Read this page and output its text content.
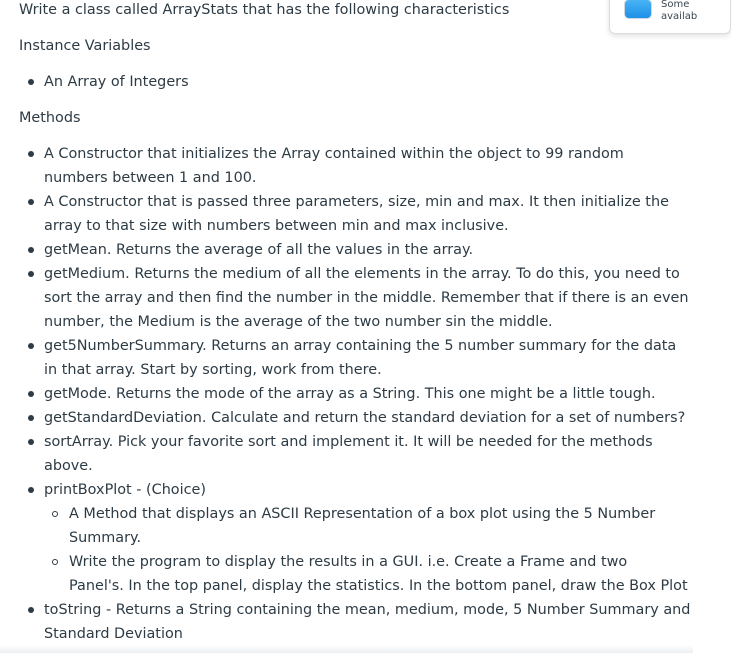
Write a class called ArrayStats that has the following characteristics

Instance Variables

An Array of Integers

Methods

A Constructor that initializes the Array contained within the object to 99 random
numbers between 1 and 100.
A Constructor that is passed three parameters, size, min and max. It then initialize the
array to that size with numbers between min and max inclusive.
getMean. Returns the average of all the values in the array.
getMedium. Returns the medium of all the elements in the array. To do this, you need to
sort the array and then find the number in the middle. Remember that if there is an even
number, the Medium is the average of the two number sin the middle.
get5NumberSummary. Returns an array containing the 5 number summary for the data
in that array. Start by sorting, work from there.
getMode. Returns the mode of the array as a String. This one might be a little tough.
getStandardDeviation. Calculate and return the standard deviation for a set of numbers?
sortArray. Pick your favorite sort and implement it. It will be needed for the methods
above.
printBoxPlot - (Choice)
A Method that displays an ASCII Representation of a box plot using the 5 Number
Summary.
Write the program to display the results in a GUI. i.e. Create a Frame and two
Panel's. In the top panel, display the statistics. In the bottom panel, draw the Box Plot
toString - Returns a String containing the mean, medium, mode, 5 Number Summary and
Standard Deviation
Some
availab
